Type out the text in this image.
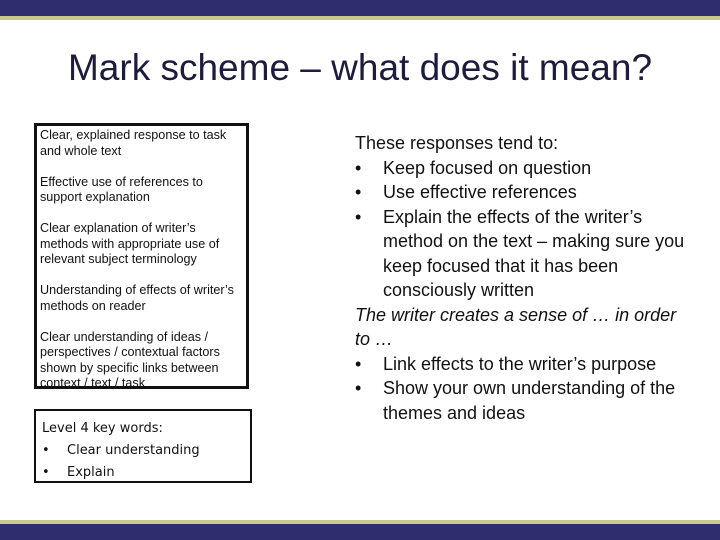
Mark scheme – what does it mean?
Clear, explained response to task and whole text
Effective use of references to support explanation
Clear explanation of writer’s methods with appropriate use of relevant subject terminology
Understanding of effects of writer’s methods on reader
Clear understanding of ideas / perspectives / contextual factors shown by specific links between context / text / task
Level 4 key words:
• Clear understanding
• Explain
These responses tend to:
• Keep focused on question
• Use effective references
• Explain the effects of the writer’s method on the text – making sure you keep focused that it has been consciously written
The writer creates a sense of … in order to …
• Link effects to the writer’s purpose
• Show your own understanding of the themes and ideas
